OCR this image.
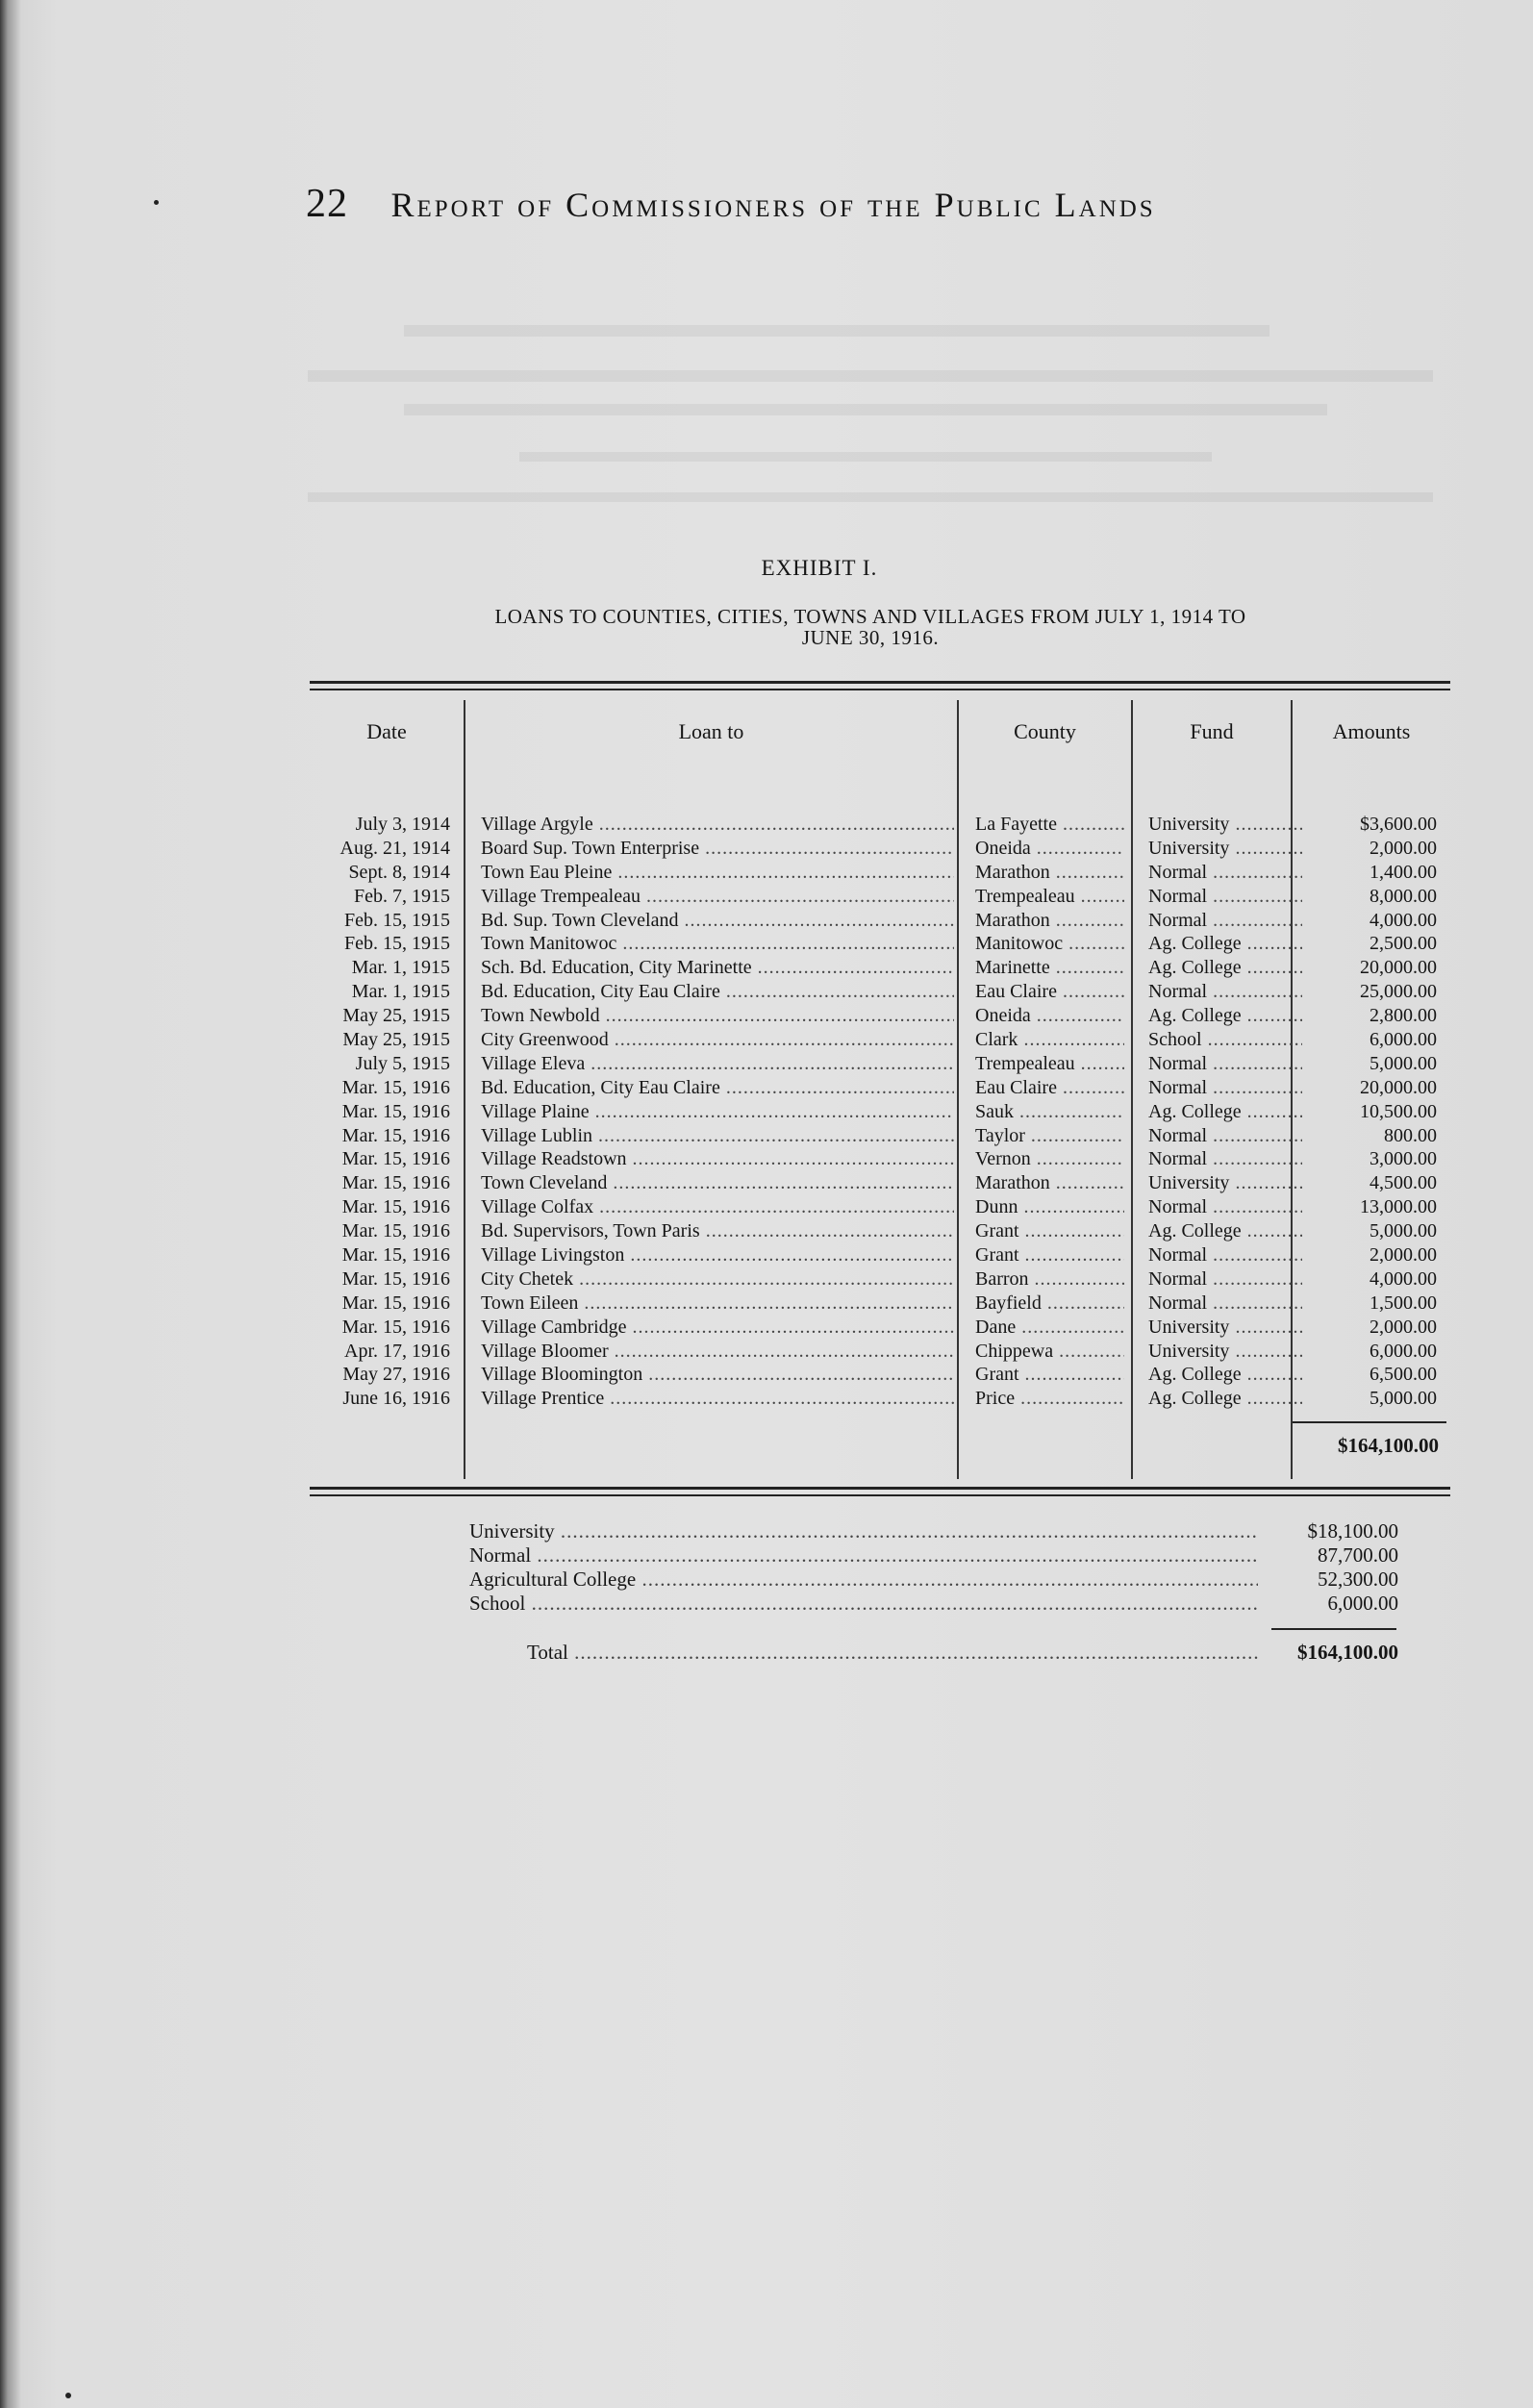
22 Report of Commissioners of the Public Lands
EXHIBIT I.
LOANS TO COUNTIES, CITIES, TOWNS AND VILLAGES FROM JULY 1, 1914 TO
JUNE 30, 1916.
Date	Loan to	County	Fund	Amounts
July 3, 1914 Village Argyle .....	La Fayette .....	University .....	$3,600.00
Aug. 21, 1914 Board Sup. Town Enterprise .....	Oneida .....	University .....	2,000.00
Sept. 8, 1914 Town Eau Pleine .....	Marathon .....	Normal .....	1,400.00
Feb. 7, 1915 Village Trempealeau .....	Trempealeau .....	Normal .....	8,000.00
Feb. 15, 1915 Bd. Sup. Town Cleveland .....	Marathon .....	Normal .....	4,000.00
Feb. 15, 1915 Town Manitowoc .....	Manitowoc .....	Ag. College .....	2,500.00
Mar. 1, 1915 Sch. Bd. Education, City Marinette .....	Marinette .....	Ag. College .....	20,000.00
Mar. 1, 1915 Bd. Education, City Eau Claire .....	Eau Claire .....	Normal .....	25,000.00
May 25, 1915 Town Newbold .....	Oneida .....	Ag. College .....	2,800.00
May 25, 1915 City Greenwood .....	Clark .....	School .....	6,000.00
July 5, 1915 Village Eleva .....	Trempealeau .....	Normal .....	5,000.00
Mar. 15, 1916 Bd. Education, City Eau Claire .....	Eau Claire .....	Normal .....	20,000.00
Mar. 15, 1916 Village Plaine .....	Sauk .....	Ag. College .....	10,500.00
Mar. 15, 1916 Village Lublin .....	Taylor .....	Normal .....	800.00
Mar. 15, 1916 Village Readstown .....	Vernon .....	Normal .....	3,000.00
Mar. 15, 1916 Town Cleveland .....	Marathon .....	University .....	4,500.00
Mar. 15, 1916 Village Colfax .....	Dunn .....	Normal .....	13,000.00
Mar. 15, 1916 Bd. Supervisors, Town Paris .....	Grant .....	Ag. College .....	5,000.00
Mar. 15, 1916 Village Livingston .....	Grant .....	Normal .....	2,000.00
Mar. 15, 1916 City Chetek .....	Barron .....	Normal .....	4,000.00
Mar. 15, 1916 Town Eileen .....	Bayfield .....	Normal .....	1,500.00
Mar. 15, 1916 Village Cambridge .....	Dane .....	University .....	2,000.00
Apr. 17, 1916 Village Bloomer .....	Chippewa .....	University .....	6,000.00
May 27, 1916 Village Bloomington .....	Grant .....	Ag. College .....	6,500.00
June 16, 1916 Village Prentice .....	Price .....	Ag. College .....	5,000.00
$164,100.00
University .....	$18,100.00
Normal .....	87,700.00
Agricultural College .....	52,300.00
School .....	6,000.00
Total .....	$164,100.00
